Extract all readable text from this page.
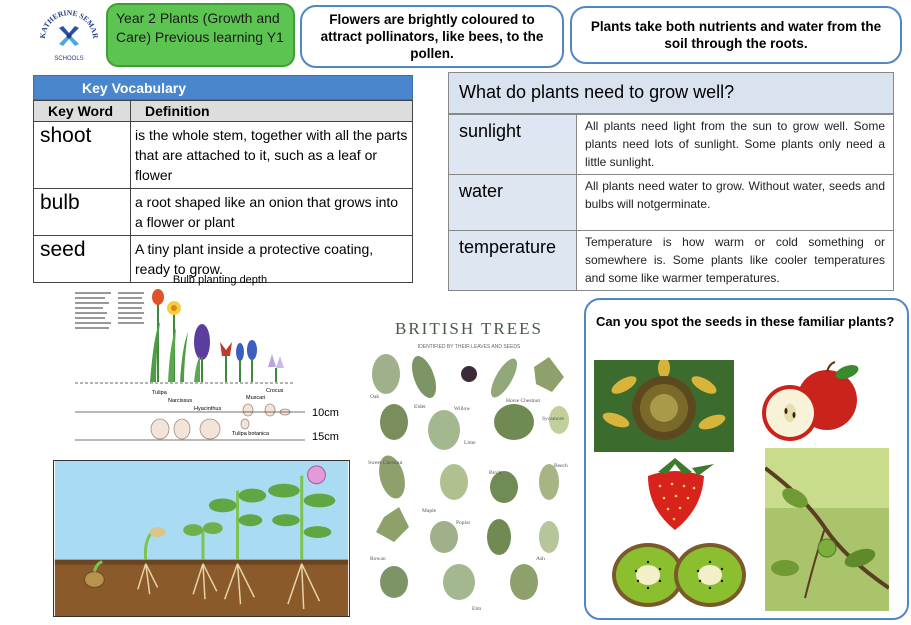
KATHERINE SEMAR
SCHOOLS
Year 2 Plants (Growth and Care) Previous learning Y1
Flowers are brightly coloured to attract pollinators, like bees, to the pollen.
Plants take both nutrients and water from the soil through the roots.
Key Vocabulary
Key Word	Definition
shoot	is the whole stem, together with all the parts that are attached to it, such as a leaf or flower
bulb	a root shaped like an onion that grows into a flower or plant
seed	A tiny plant inside a protective coating, ready to grow.
What do plants need to grow well?
sunlight	All plants need light from the sun to grow well. Some plants need lots of sunlight. Some plants only need a little sunlight.
water	All plants need water to grow. Without water, seeds and bulbs will notgerminate.
temperature	Temperature is how warm or cold something or somewhere is. Some plants like cooler temperatures and some like warmer temperatures.
Bulb planting depth
Tulipa
Narcissus	Muscari
Crocus
Hyacinthus
Tulipa botanica
10cm
15cm
BRITISH TREES
IDENTIFIED BY THEIR LEAVES AND SEEDS
Oak
Elder	Willow
Horse Chestnut
Sycamore
Lime
Sweet Chestnut
Birch
Beech
Maple
Poplar
Rowan
Elm
Ash
Can you spot the seeds in these familiar plants?
